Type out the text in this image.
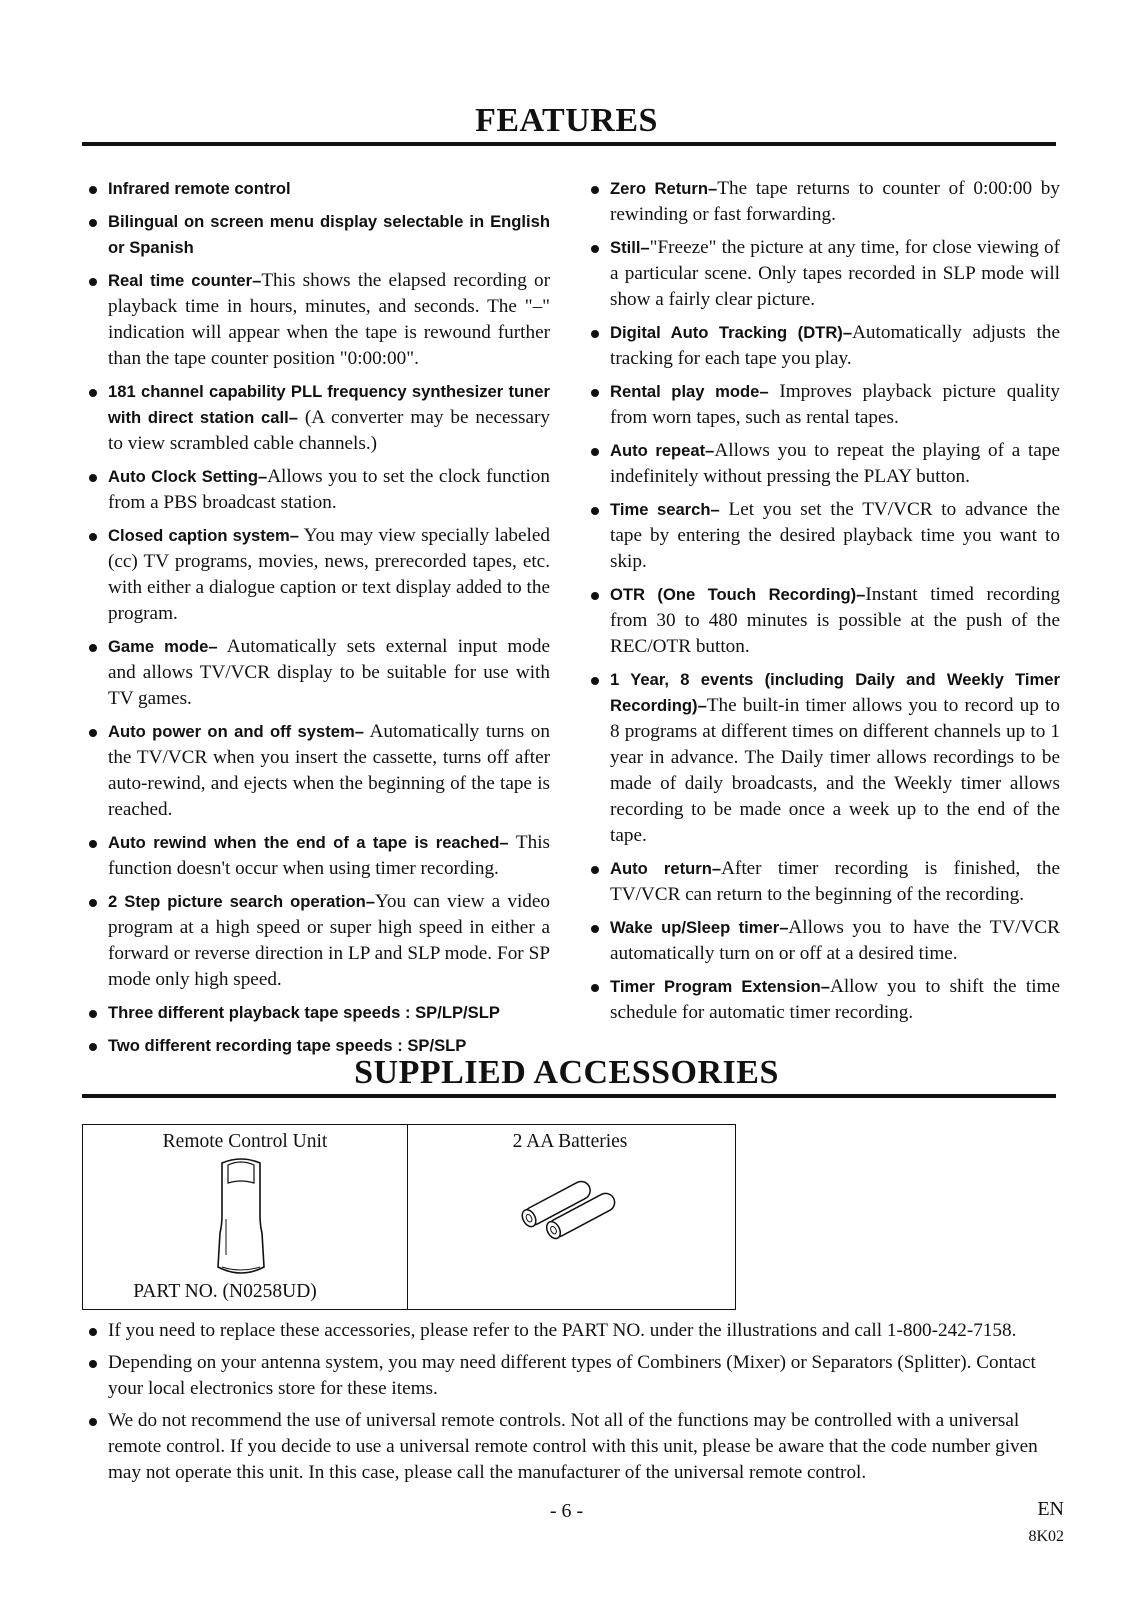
FEATURES
Infrared remote control
Bilingual on screen menu display selectable in English or Spanish
Real time counter–This shows the elapsed recording or playback time in hours, minutes, and seconds. The "–" indication will appear when the tape is rewound further than the tape counter position "0:00:00".
181 channel capability PLL frequency synthesizer tuner with direct station call– (A converter may be necessary to view scrambled cable channels.)
Auto Clock Setting–Allows you to set the clock function from a PBS broadcast station.
Closed caption system– You may view specially labeled (cc) TV programs, movies, news, prerecorded tapes, etc. with either a dialogue caption or text display added to the program.
Game mode– Automatically sets external input mode and allows TV/VCR display to be suitable for use with TV games.
Auto power on and off system– Automatically turns on the TV/VCR when you insert the cassette, turns off after auto-rewind, and ejects when the beginning of the tape is reached.
Auto rewind when the end of a tape is reached– This function doesn't occur when using timer recording.
2 Step picture search operation–You can view a video program at a high speed or super high speed in either a forward or reverse direction in LP and SLP mode. For SP mode only high speed.
Three different playback tape speeds : SP/LP/SLP
Two different recording tape speeds : SP/SLP
Zero Return–The tape returns to counter of 0:00:00 by rewinding or fast forwarding.
Still–"Freeze" the picture at any time, for close viewing of a particular scene. Only tapes recorded in SLP mode will show a fairly clear picture.
Digital Auto Tracking (DTR)–Automatically adjusts the tracking for each tape you play.
Rental play mode– Improves playback picture quality from worn tapes, such as rental tapes.
Auto repeat–Allows you to repeat the playing of a tape indefinitely without pressing the PLAY button.
Time search– Let you set the TV/VCR to advance the tape by entering the desired playback time you want to skip.
OTR (One Touch Recording)–Instant timed recording from 30 to 480 minutes is possible at the push of the REC/OTR button.
1 Year, 8 events (including Daily and Weekly Timer Recording)–The built-in timer allows you to record up to 8 programs at different times on different channels up to 1 year in advance. The Daily timer allows recordings to be made of daily broadcasts, and the Weekly timer allows recording to be made once a week up to the end of the tape.
Auto return–After timer recording is finished, the TV/VCR can return to the beginning of the recording.
Wake up/Sleep timer–Allows you to have the TV/VCR automatically turn on or off at a desired time.
Timer Program Extension–Allow you to shift the time schedule for automatic timer recording.
SUPPLIED ACCESSORIES
Remote Control Unit
PART NO. (N0258UD)
2 AA Batteries
If you need to replace these accessories, please refer to the PART NO. under the illustrations and call 1-800-242-7158.
Depending on your antenna system, you may need different types of Combiners (Mixer) or Separators (Splitter). Contact your local electronics store for these items.
We do not recommend the use of universal remote controls. Not all of the functions may be controlled with a universal remote control. If you decide to use a universal remote control with this unit, please be aware that the code number given may not operate this unit. In this case, please call the manufacturer of the universal remote control.
- 6 -	EN
8K02
